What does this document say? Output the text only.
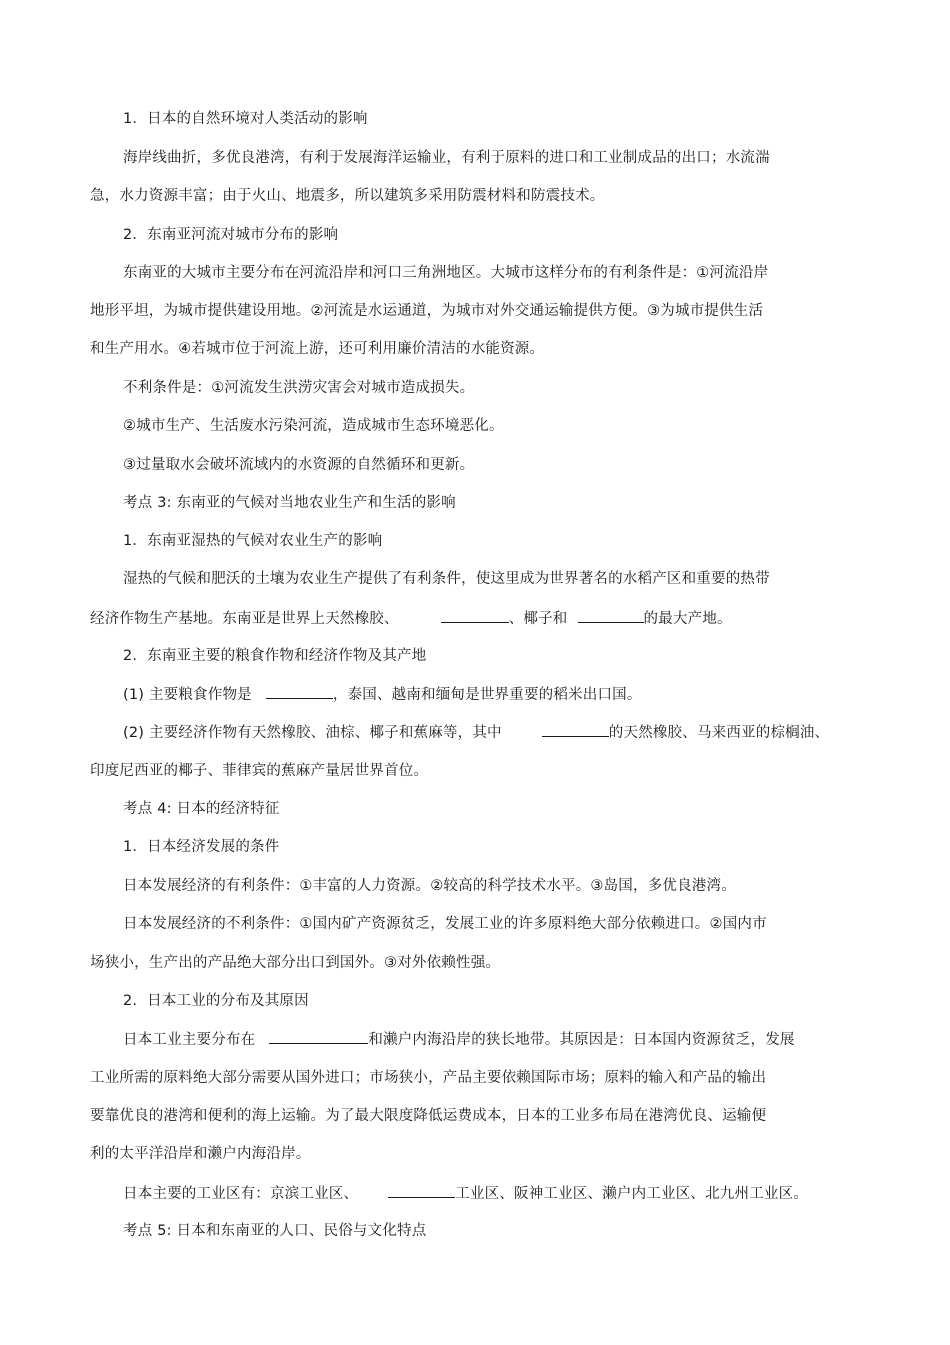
1．日本的自然环境对人类活动的影响
海岸线曲折，多优良港湾，有利于发展海洋运输业，有利于原料的进口和工业制成品的出口；水流湍
急，水力资源丰富；由于火山、地震多，所以建筑多采用防震材料和防震技术。
2．东南亚河流对城市分布的影响
东南亚的大城市主要分布在河流沿岸和河口三角洲地区。大城市这样分布的有利条件是：①河流沿岸
地形平坦，为城市提供建设用地。②河流是水运通道，为城市对外交通运输提供方便。③为城市提供生活
和生产用水。④若城市位于河流上游，还可利用廉价清洁的水能资源。
不利条件是：①河流发生洪涝灾害会对城市造成损失。
②城市生产、生活废水污染河流，造成城市生态环境恶化。
③过量取水会破坏流域内的水资源的自然循环和更新。
考点 3: 东南亚的气候对当地农业生产和生活的影响
1．东南亚湿热的气候对农业生产的影响
湿热的气候和肥沃的土壤为农业生产提供了有利条件，使这里成为世界著名的水稻产区和重要的热带
经济作物生产基地。东南亚是世界上天然橡胶、	、椰子和	的最大产地。
2．东南亚主要的粮食作物和经济作物及其产地
(1) 主要粮食作物是	，泰国、越南和缅甸是世界重要的稻米出口国。
(2) 主要经济作物有天然橡胶、油棕、椰子和蕉麻等，其中	的天然橡胶、马来西亚的棕榈油、
印度尼西亚的椰子、菲律宾的蕉麻产量居世界首位。
考点 4: 日本的经济特征
1．日本经济发展的条件
日本发展经济的有利条件：①丰富的人力资源。②较高的科学技术水平。③岛国，多优良港湾。
日本发展经济的不利条件：①国内矿产资源贫乏，发展工业的许多原料绝大部分依赖进口。②国内市
场狭小，生产出的产品绝大部分出口到国外。③对外依赖性强。
2．日本工业的分布及其原因
日本工业主要分布在	和濑户内海沿岸的狭长地带。其原因是：日本国内资源贫乏，发展
工业所需的原料绝大部分需要从国外进口；市场狭小，产品主要依赖国际市场；原料的输入和产品的输出
要靠优良的港湾和便利的海上运输。为了最大限度降低运费成本，日本的工业多布局在港湾优良、运输便
利的太平洋沿岸和濑户内海沿岸。
日本主要的工业区有：京滨工业区、	工业区、阪神工业区、濑户内工业区、北九州工业区。
考点 5: 日本和东南亚的人口、民俗与文化特点
